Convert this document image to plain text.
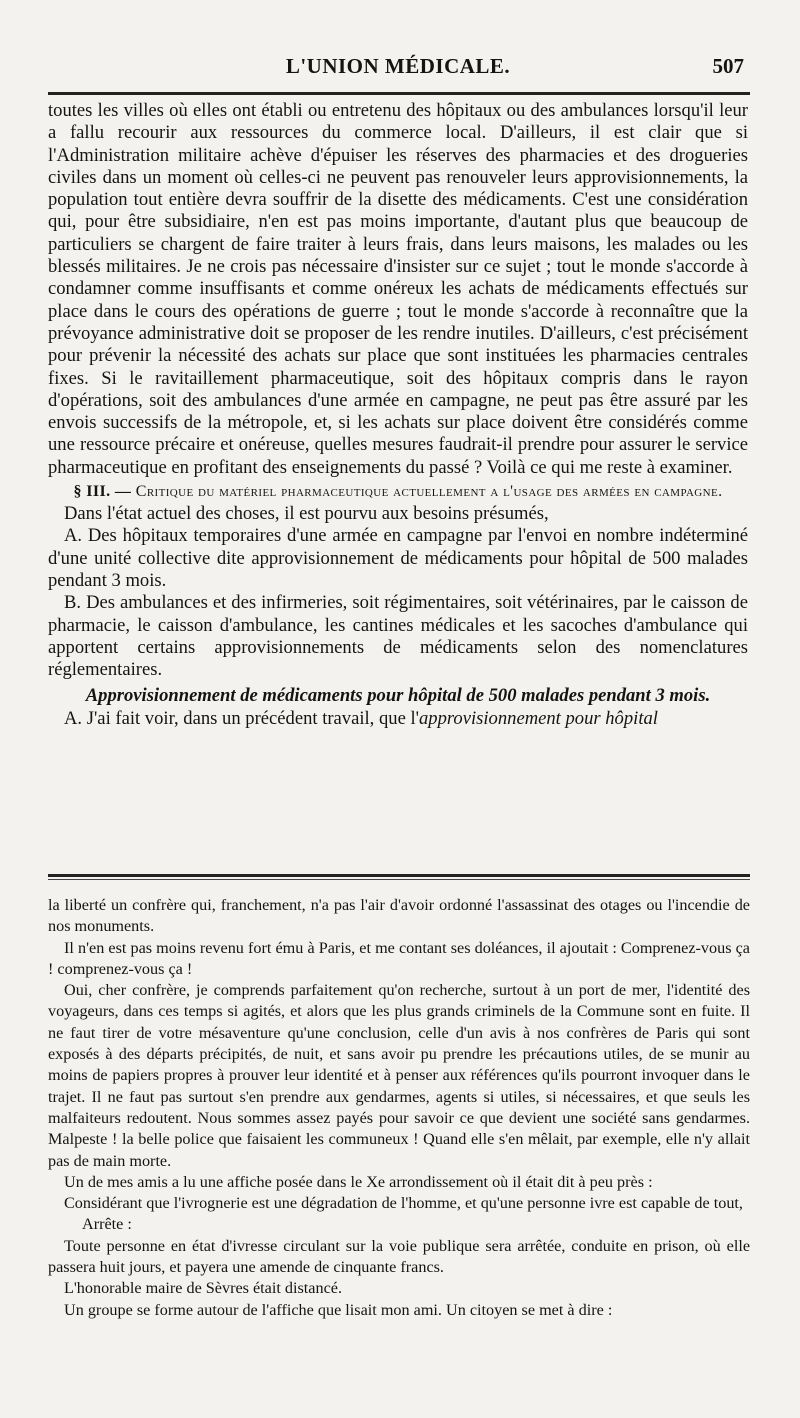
L'UNION MÉDICALE.	507

toutes les villes où elles ont établi ou entretenu des hôpitaux ou des ambulances lorsqu'il leur a fallu recourir aux ressources du commerce local. D'ailleurs, il est clair que si l'Administration militaire achève d'épuiser les réserves des pharmacies et des drogueries civiles dans un moment où celles-ci ne peuvent pas renouveler leurs approvisionnements, la population tout entière devra souffrir de la disette des médicaments. C'est une considération qui, pour être subsidiaire, n'en est pas moins importante, d'autant plus que beaucoup de particuliers se chargent de faire traiter à leurs frais, dans leurs maisons, les malades ou les blessés militaires. Je ne crois pas nécessaire d'insister sur ce sujet ; tout le monde s'accorde à condamner comme insuffisants et comme onéreux les achats de médicaments effectués sur place dans le cours des opérations de guerre ; tout le monde s'accorde à reconnaître que la prévoyance administrative doit se proposer de les rendre inutiles. D'ailleurs, c'est précisément pour prévenir la nécessité des achats sur place que sont instituées les pharmacies centrales fixes. Si le ravitaillement pharmaceutique, soit des hôpitaux compris dans le rayon d'opérations, soit des ambulances d'une armée en campagne, ne peut pas être assuré par les envois successifs de la métropole, et, si les achats sur place doivent être considérés comme une ressource précaire et onéreuse, quelles mesures faudrait-il prendre pour assurer le service pharmaceutique en profitant des enseignements du passé ? Voilà ce qui me reste à examiner.

§ III. — Critique du matériel pharmaceutique actuellement a l'usage des armées en campagne.

Dans l'état actuel des choses, il est pourvu aux besoins présumés,

A. Des hôpitaux temporaires d'une armée en campagne par l'envoi en nombre indéterminé d'une unité collective dite approvisionnement de médicaments pour hôpital de 500 malades pendant 3 mois.

B. Des ambulances et des infirmeries, soit régimentaires, soit vétérinaires, par le caisson de pharmacie, le caisson d'ambulance, les cantines médicales et les sacoches d'ambulance qui apportent certains approvisionnements de médicaments selon des nomenclatures réglementaires.

Approvisionnement de médicaments pour hôpital de 500 malades pendant 3 mois.

A. J'ai fait voir, dans un précédent travail, que l'approvisionnement pour hôpital

la liberté un confrère qui, franchement, n'a pas l'air d'avoir ordonné l'assassinat des otages ou l'incendie de nos monuments.

Il n'en est pas moins revenu fort ému à Paris, et me contant ses doléances, il ajoutait : Comprenez-vous ça ! comprenez-vous ça !

Oui, cher confrère, je comprends parfaitement qu'on recherche, surtout à un port de mer, l'identité des voyageurs, dans ces temps si agités, et alors que les plus grands criminels de la Commune sont en fuite. Il ne faut tirer de votre mésaventure qu'une conclusion, celle d'un avis à nos confrères de Paris qui sont exposés à des départs précipités, de nuit, et sans avoir pu prendre les précautions utiles, de se munir au moins de papiers propres à prouver leur identité et à penser aux références qu'ils pourront invoquer dans le trajet. Il ne faut pas surtout s'en prendre aux gendarmes, agents si utiles, si nécessaires, et que seuls les malfaiteurs redoutent. Nous sommes assez payés pour savoir ce que devient une société sans gendarmes. Malpeste ! la belle police que faisaient les communeux ! Quand elle s'en mêlait, par exemple, elle n'y allait pas de main morte.

Un de mes amis a lu une affiche posée dans le Xe arrondissement où il était dit à peu près :

Considérant que l'ivrognerie est une dégradation de l'homme, et qu'une personne ivre est capable de tout,

Arrête :

Toute personne en état d'ivresse circulant sur la voie publique sera arrêtée, conduite en prison, où elle passera huit jours, et payera une amende de cinquante francs.

L'honorable maire de Sèvres était distancé.

Un groupe se forme autour de l'affiche que lisait mon ami. Un citoyen se met à dire :
